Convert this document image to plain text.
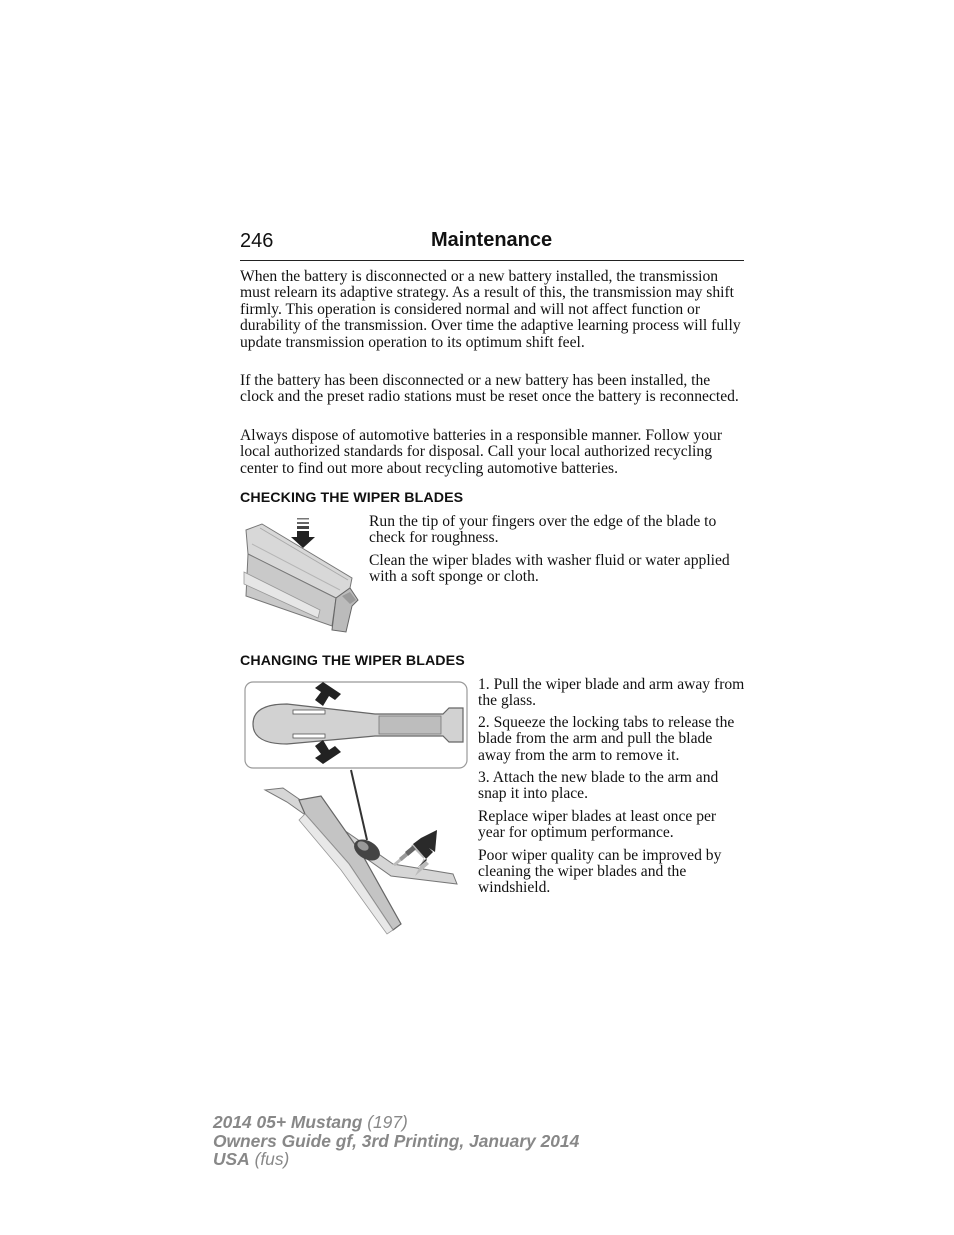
246	Maintenance

When the battery is disconnected or a new battery installed, the transmission must relearn its adaptive strategy. As a result of this, the transmission may shift firmly. This operation is considered normal and will not affect function or durability of the transmission. Over time the adaptive learning process will fully update transmission operation to its optimum shift feel.

If the battery has been disconnected or a new battery has been installed, the clock and the preset radio stations must be reset once the battery is reconnected.

Always dispose of automotive batteries in a responsible manner. Follow your local authorized standards for disposal. Call your local authorized recycling center to find out more about recycling automotive batteries.

CHECKING THE WIPER BLADES

Run the tip of your fingers over the edge of the blade to check for roughness.

Clean the wiper blades with washer fluid or water applied with a soft sponge or cloth.

CHANGING THE WIPER BLADES

1. Pull the wiper blade and arm away from the glass.

2. Squeeze the locking tabs to release the blade from the arm and pull the blade away from the arm to remove it.

3. Attach the new blade to the arm and snap it into place.

Replace wiper blades at least once per year for optimum performance.

Poor wiper quality can be improved by cleaning the wiper blades and the windshield.

2014 05+ Mustang (197)
Owners Guide gf, 3rd Printing, January 2014
USA (fus)
